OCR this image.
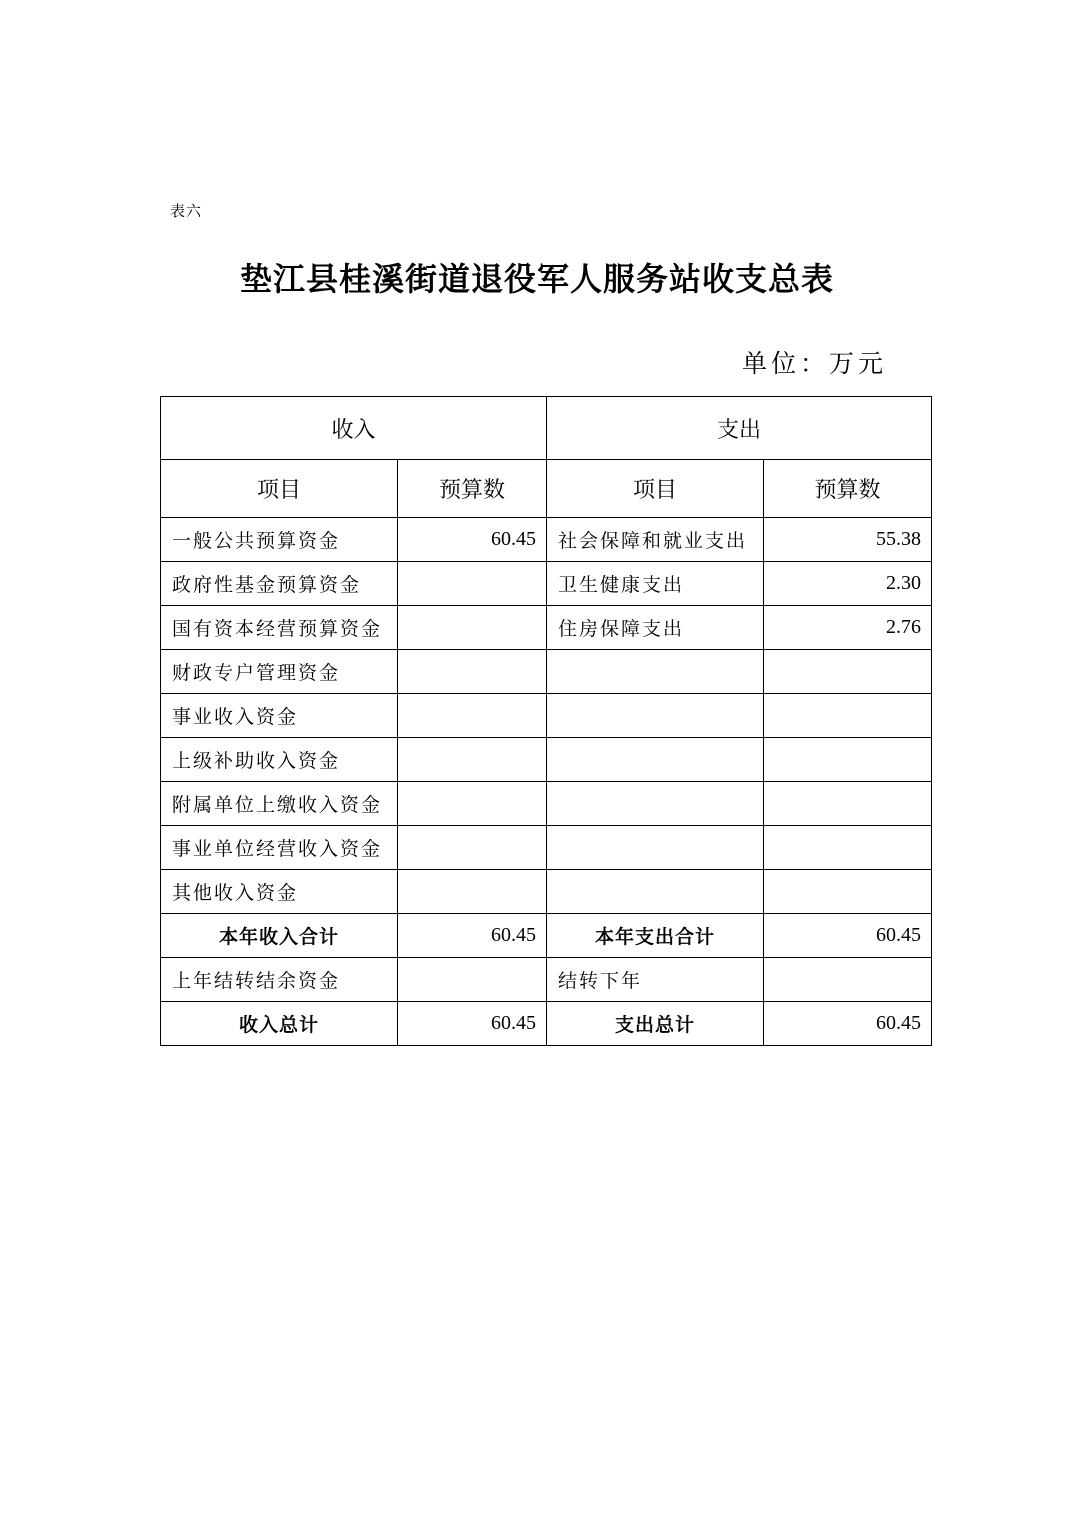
表六
垫江县桂溪街道退役军人服务站收支总表
单位：万元
收入		支出	
项目	预算数	项目	预算数
一般公共预算资金	60.45	社会保障和就业支出	55.38
政府性基金预算资金		卫生健康支出	2.30
国有资本经营预算资金		住房保障支出	2.76
财政专户管理资金			
事业收入资金			
上级补助收入资金			
附属单位上缴收入资金			
事业单位经营收入资金			
其他收入资金			
本年收入合计	60.45	本年支出合计	60.45
上年结转结余资金		结转下年	
收入总计	60.45	支出总计	60.45
